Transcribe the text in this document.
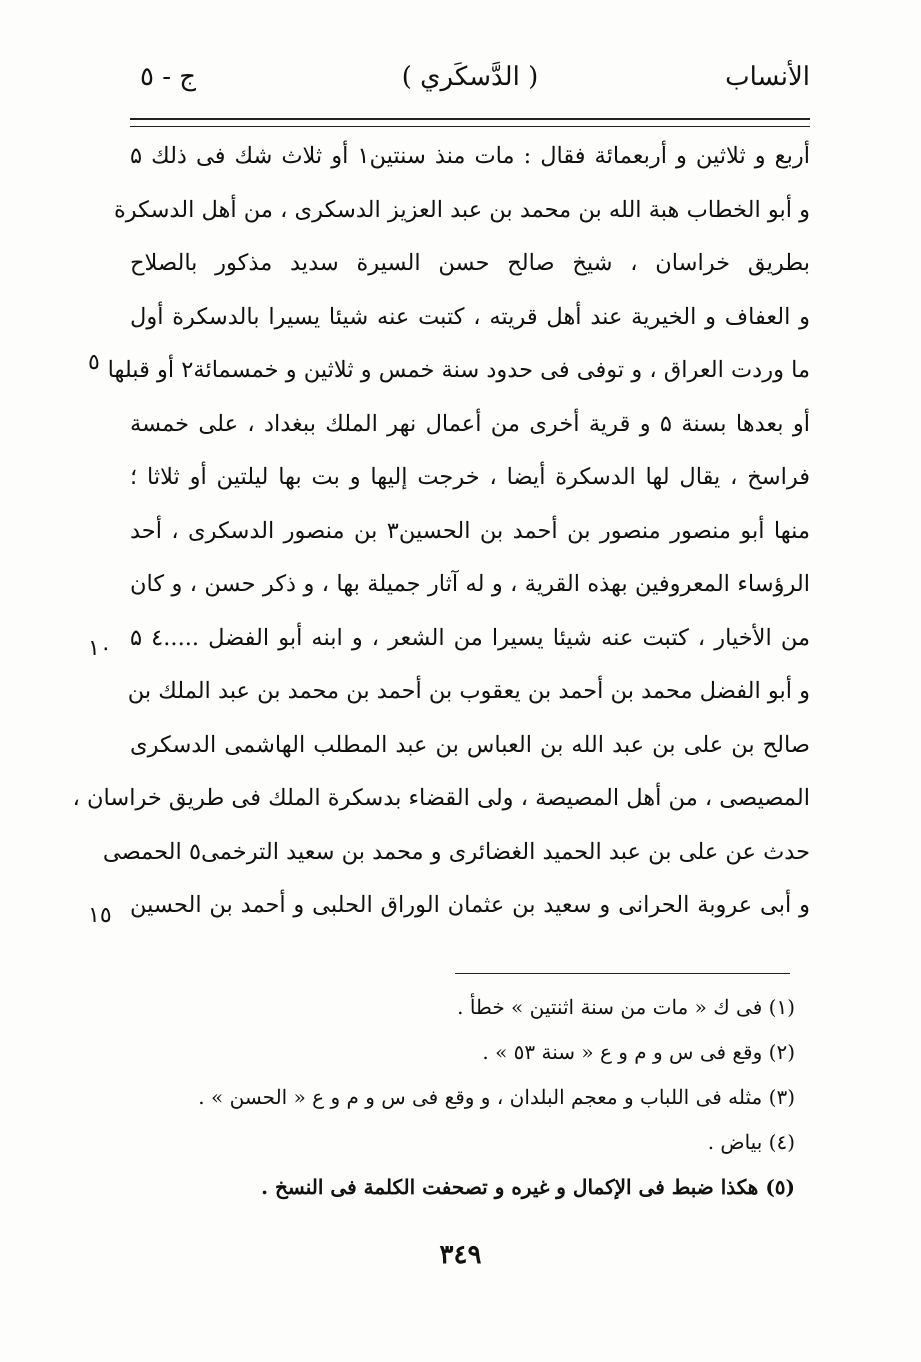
الأنساب
( الدَّسكَري )
ج - ٥
أربع و ثلاثين و أربعمائة فقال : مات منذ سنتين١ أو ثلاث شك فى ذلك ۵
و أبو الخطاب هبة الله بن محمد بن عبد العزيز الدسكرى ، من أهل الدسكرة
بطريق خراسان ، شيخ صالح حسن السيرة سديد مذكور بالصلاح
و العفاف و الخيرية عند أهل قريته ، كتبت عنه شيئا يسيرا بالدسكرة أول
ما وردت العراق ، و توفى فى حدود سنة خمس و ثلاثين و خمسمائة٢ أو قبلها
أو بعدها بسنة ۵ و قرية أخرى من أعمال نهر الملك ببغداد ، على خمسة
فراسخ ، يقال لها الدسكرة أيضا ، خرجت إليها و بت بها ليلتين أو ثلاثا ؛
منها أبو منصور منصور بن أحمد بن الحسين٣ بن منصور الدسكرى ، أحد
الرؤساء المعروفين بهذه القرية ، و له آثار جميلة بها ، و ذكر حسن ، و كان
من الأخيار ، كتبت عنه شيئا يسيرا من الشعر ، و ابنه أبو الفضل .....٤ ۵
و أبو الفضل محمد بن أحمد بن يعقوب بن أحمد بن محمد بن عبد الملك بن
صالح بن على بن عبد الله بن العباس بن عبد المطلب الهاشمى الدسكرى
المصيصى ، من أهل المصيصة ، ولى القضاء بدسكرة الملك فى طريق خراسان ،
حدث عن على بن عبد الحميد الغضائرى و محمد بن سعيد الترخمى٥ الحمصى
و أبى عروبة الحرانى و سعيد بن عثمان الوراق الحلبى و أحمد بن الحسين
٥
١٠
١٥
(١) فى ك « مات من سنة اثنتين » خطأ .
(٢) وقع فى س و م و ع « سنة ٥٣ » .
(٣) مثله فى اللباب و معجم البلدان ، و وقع فى س و م و ع « الحسن » .
(٤) بياض .
(٥) هكذا ضبط فى الإكمال و غيره و تصحفت الكلمة فى النسخ .
٣٤٩
